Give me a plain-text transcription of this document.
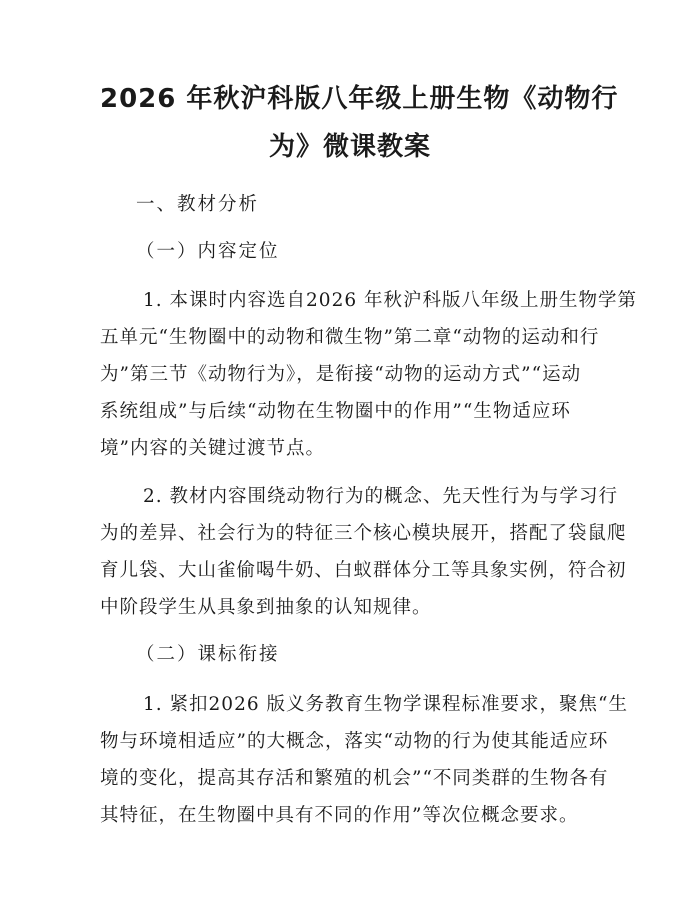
2026 年秋沪科版八年级上册生物《动物行
为》微课教案
一、教材分析
（一）内容定位
1. 本课时内容选自2026 年秋沪科版八年级上册生物学第
五单元“生物圈中的动物和微生物”第二章“动物的运动和行
为”第三节《动物行为》，是衔接“动物的运动方式”“运动
系统组成”与后续“动物在生物圈中的作用”“生物适应环
境”内容的关键过渡节点。
2. 教材内容围绕动物行为的概念、先天性行为与学习行
为的差异、社会行为的特征三个核心模块展开，搭配了袋鼠爬
育儿袋、大山雀偷喝牛奶、白蚁群体分工等具象实例，符合初
中阶段学生从具象到抽象的认知规律。
（二）课标衔接
1. 紧扣2026 版义务教育生物学课程标准要求，聚焦“生
物与环境相适应”的大概念，落实“动物的行为使其能适应环
境的变化，提高其存活和繁殖的机会”“不同类群的生物各有
其特征，在生物圈中具有不同的作用”等次位概念要求。
